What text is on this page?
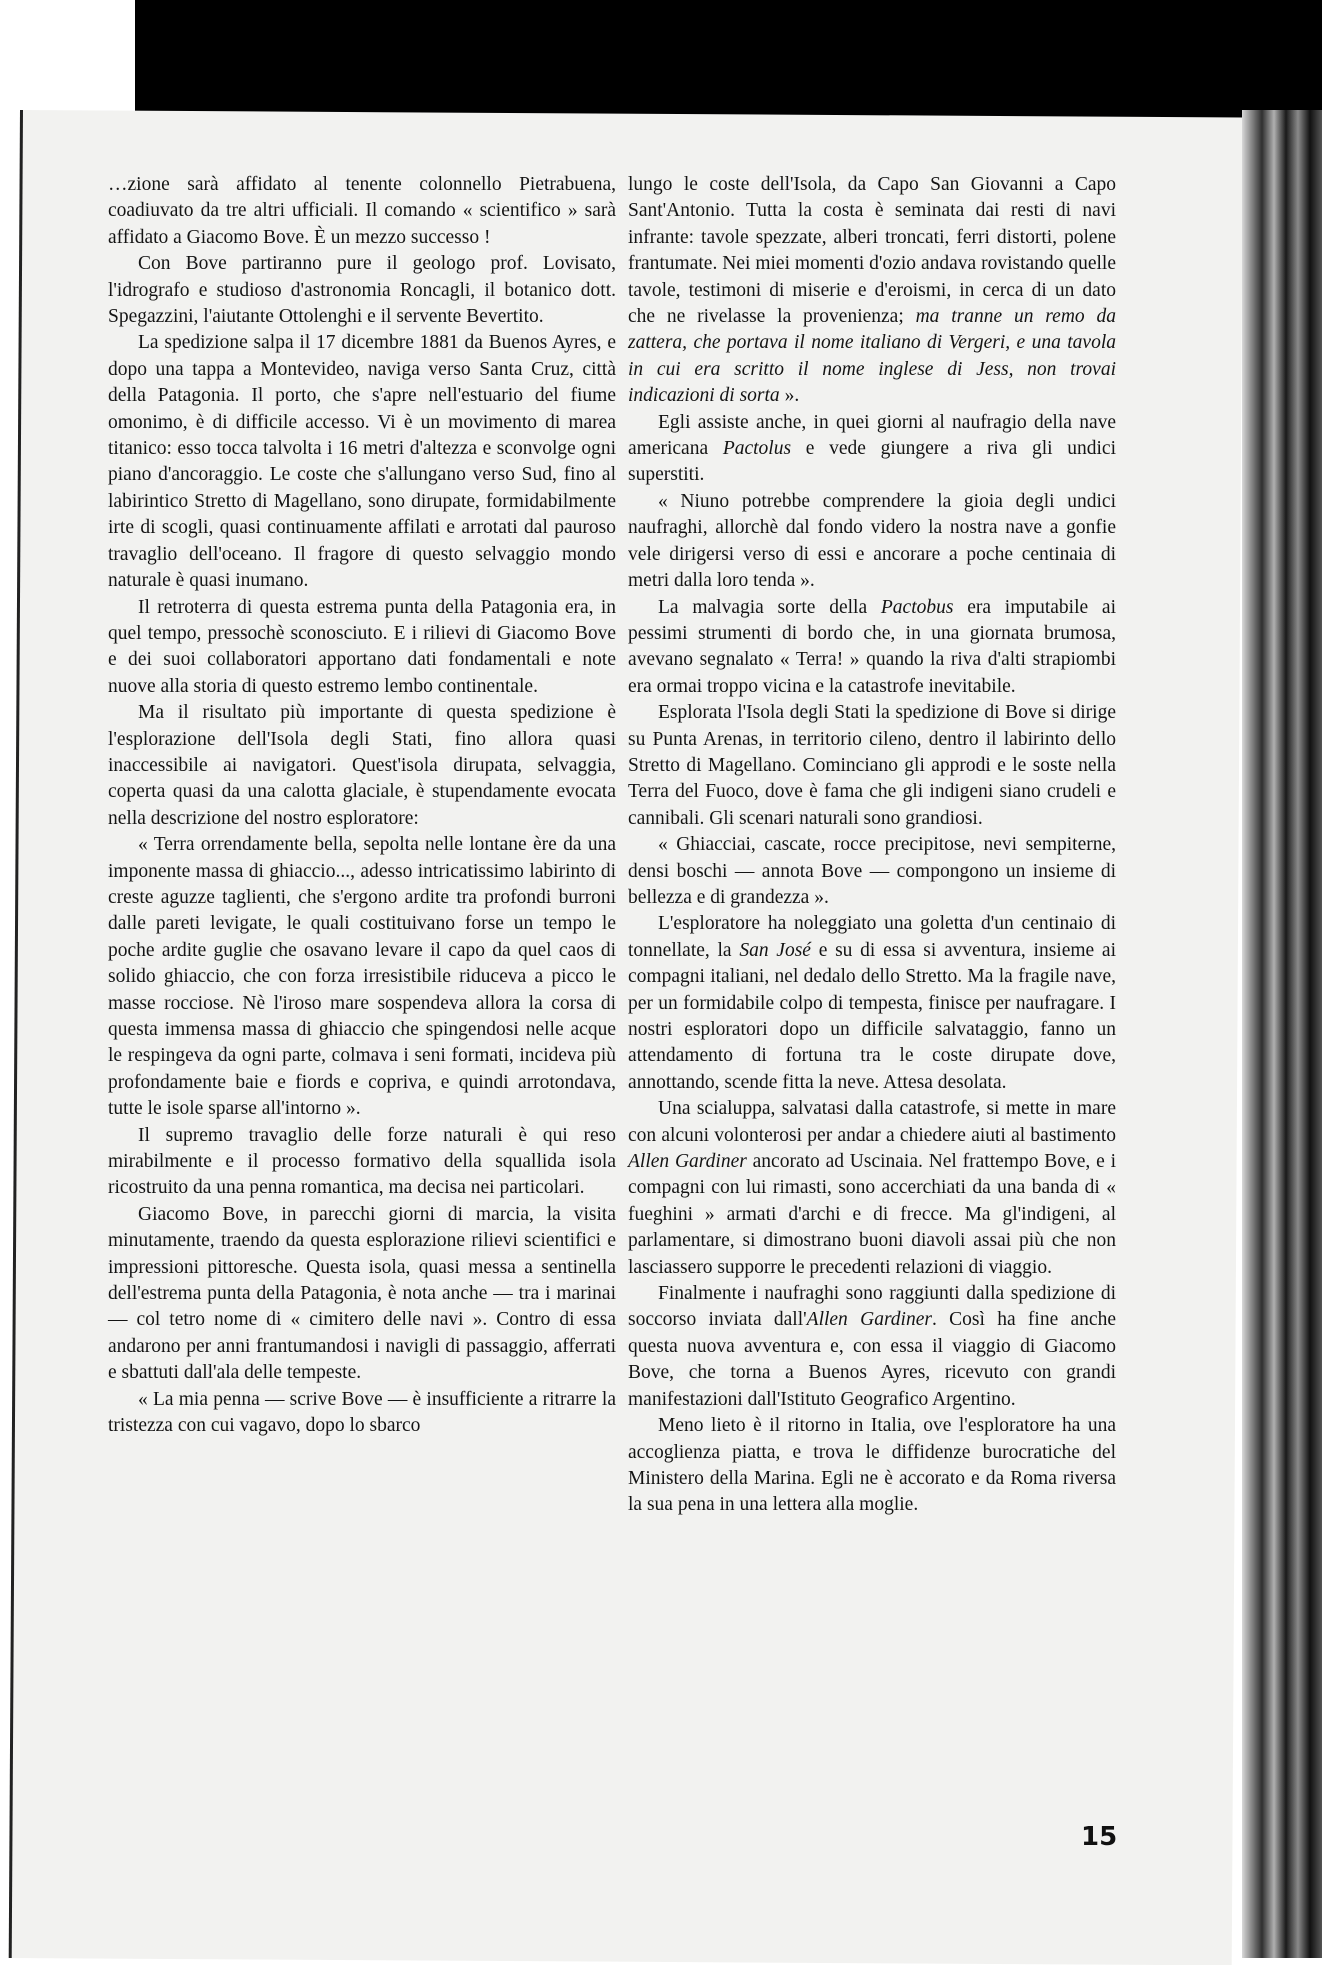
…zione sarà affidato al tenente colonnello Pietrabuena, coadiuvato da tre altri ufficiali. Il comando « scientifico » sarà affidato a Giacomo Bove. È un mezzo successo !

Con Bove partiranno pure il geologo prof. Lovisato, l'idrografo e studioso d'astronomia Roncagli, il botanico dott. Spegazzini, l'aiutante Ottolenghi e il servente Bevertito.

La spedizione salpa il 17 dicembre 1881 da Buenos Ayres, e dopo una tappa a Montevideo, naviga verso Santa Cruz, città della Patagonia. Il porto, che s'apre nell'estuario del fiume omonimo, è di difficile accesso. Vi è un movimento di marea titanico: esso tocca talvolta i 16 metri d'altezza e sconvolge ogni piano d'ancoraggio. Le coste che s'allungano verso Sud, fino al labirintico Stretto di Magellano, sono dirupate, formidabilmente irte di scogli, quasi continuamente affilati e arrotati dal pauroso travaglio dell'oceano. Il fragore di questo selvaggio mondo naturale è quasi inumano.

Il retroterra di questa estrema punta della Patagonia era, in quel tempo, pressochè sconosciuto. E i rilievi di Giacomo Bove e dei suoi collaboratori apportano dati fondamentali e note nuove alla storia di questo estremo lembo continentale.

Ma il risultato più importante di questa spedizione è l'esplorazione dell'Isola degli Stati, fino allora quasi inaccessibile ai navigatori. Quest'isola dirupata, selvaggia, coperta quasi da una calotta glaciale, è stupendamente evocata nella descrizione del nostro esploratore:

« Terra orrendamente bella, sepolta nelle lontane ère da una imponente massa di ghiaccio..., adesso intricatissimo labirinto di creste aguzze taglienti, che s'ergono ardite tra profondi burroni dalle pareti levigate, le quali costituivano forse un tempo le poche ardite guglie che osavano levare il capo da quel caos di solido ghiaccio, che con forza irresistibile riduceva a picco le masse rocciose. Nè l'iroso mare sospendeva allora la corsa di questa immensa massa di ghiaccio che spingendosi nelle acque le respingeva da ogni parte, colmava i seni formati, incideva più profondamente baie e fiords e copriva, e quindi arrotondava, tutte le isole sparse all'intorno ».

Il supremo travaglio delle forze naturali è qui reso mirabilmente e il processo formativo della squallida isola ricostruito da una penna romantica, ma decisa nei particolari.

Giacomo Bove, in parecchi giorni di marcia, la visita minutamente, traendo da questa esplorazione rilievi scientifici e impressioni pittoresche. Questa isola, quasi messa a sentinella dell'estrema punta della Patagonia, è nota anche — tra i marinai — col tetro nome di « cimitero delle navi ». Contro di essa andarono per anni frantumandosi i navigli di passaggio, afferrati e sbattuti dall'ala delle tempeste.

« La mia penna — scrive Bove — è insufficiente a ritrarre la tristezza con cui vagavo, dopo lo sbarco

lungo le coste dell'Isola, da Capo San Giovanni a Capo Sant'Antonio. Tutta la costa è seminata dai resti di navi infrante: tavole spezzate, alberi troncati, ferri distorti, polene frantumate. Nei miei momenti d'ozio andava rovistando quelle tavole, testimoni di miserie e d'eroismi, in cerca di un dato che ne rivelasse la provenienza; ma tranne un remo da zattera, che portava il nome italiano di Vergeri, e una tavola in cui era scritto il nome inglese di Jess, non trovai indicazioni di sorta ».

Egli assiste anche, in quei giorni al naufragio della nave americana Pactolus e vede giungere a riva gli undici superstiti.

« Niuno potrebbe comprendere la gioia degli undici naufraghi, allorchè dal fondo videro la nostra nave a gonfie vele dirigersi verso di essi e ancorare a poche centinaia di metri dalla loro tenda ».

La malvagia sorte della Pactobus era imputabile ai pessimi strumenti di bordo che, in una giornata brumosa, avevano segnalato « Terra! » quando la riva d'alti strapiombi era ormai troppo vicina e la catastrofe inevitabile.

Esplorata l'Isola degli Stati la spedizione di Bove si dirige su Punta Arenas, in territorio cileno, dentro il labirinto dello Stretto di Magellano. Cominciano gli approdi e le soste nella Terra del Fuoco, dove è fama che gli indigeni siano crudeli e cannibali. Gli scenari naturali sono grandiosi.

« Ghiacciai, cascate, rocce precipitose, nevi sempiterne, densi boschi — annota Bove — compongono un insieme di bellezza e di grandezza ».

L'esploratore ha noleggiato una goletta d'un centinaio di tonnellate, la San José e su di essa si avventura, insieme ai compagni italiani, nel dedalo dello Stretto. Ma la fragile nave, per un formidabile colpo di tempesta, finisce per naufragare. I nostri esploratori dopo un difficile salvataggio, fanno un attendamento di fortuna tra le coste dirupate dove, annottando, scende fitta la neve. Attesa desolata.

Una scialuppa, salvatasi dalla catastrofe, si mette in mare con alcuni volonterosi per andar a chiedere aiuti al bastimento Allen Gardiner ancorato ad Uscinaia. Nel frattempo Bove, e i compagni con lui rimasti, sono accerchiati da una banda di « fueghini » armati d'archi e di frecce. Ma gl'indigeni, al parlamentare, si dimostrano buoni diavoli assai più che non lasciassero supporre le precedenti relazioni di viaggio.

Finalmente i naufraghi sono raggiunti dalla spedizione di soccorso inviata dall'Allen Gardiner. Così ha fine anche questa nuova avventura e, con essa il viaggio di Giacomo Bove, che torna a Buenos Ayres, ricevuto con grandi manifestazioni dall'Istituto Geografico Argentino.

Meno lieto è il ritorno in Italia, ove l'esploratore ha una accoglienza piatta, e trova le diffidenze burocratiche del Ministero della Marina. Egli ne è accorato e da Roma riversa la sua pena in una lettera alla moglie.

15
